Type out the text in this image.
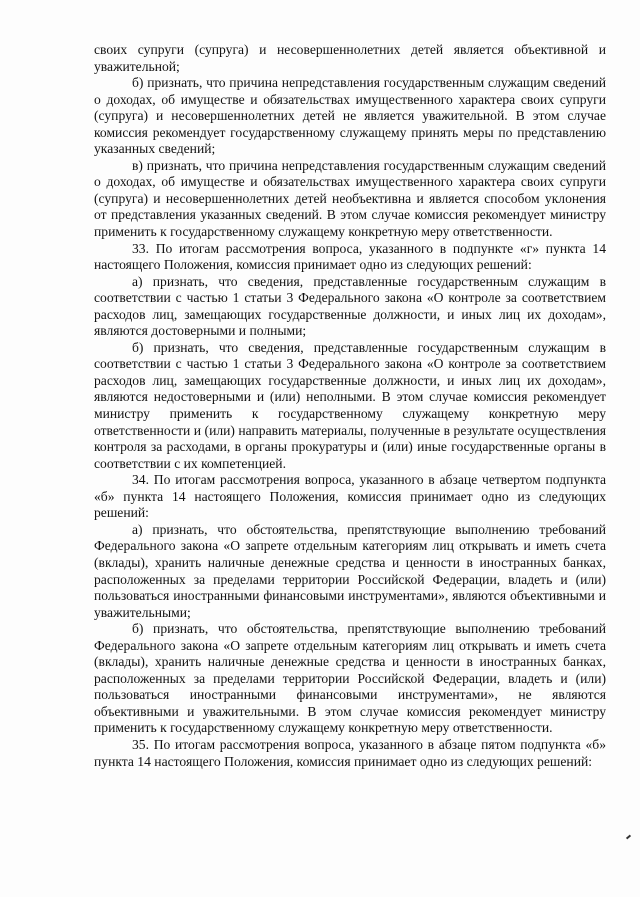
своих супруги (супруга) и несовершеннолетних детей является объективной и уважительной;

б) признать, что причина непредставления государственным служащим сведений о доходах, об имуществе и обязательствах имущественного характера своих супруги (супруга) и несовершеннолетних детей не является уважительной. В этом случае комиссия рекомендует государственному служащему принять меры по представлению указанных сведений;

в) признать, что причина непредставления государственным служащим сведений о доходах, об имуществе и обязательствах имущественного характера своих супруги (супруга) и несовершеннолетних детей необъективна и является способом уклонения от представления указанных сведений. В этом случае комиссия рекомендует министру применить к государственному служащему конкретную меру ответственности.

33. По итогам рассмотрения вопроса, указанного в подпункте «г» пункта 14 настоящего Положения, комиссия принимает одно из следующих решений:

а) признать, что сведения, представленные государственным служащим в соответствии с частью 1 статьи 3 Федерального закона «О контроле за соответствием расходов лиц, замещающих государственные должности, и иных лиц их доходам», являются достоверными и полными;

б) признать, что сведения, представленные государственным служащим в соответствии с частью 1 статьи 3 Федерального закона «О контроле за соответствием расходов лиц, замещающих государственные должности, и иных лиц их доходам», являются недостоверными и (или) неполными. В этом случае комиссия рекомендует министру применить к государственному служащему конкретную меру ответственности и (или) направить материалы, полученные в результате осуществления контроля за расходами, в органы прокуратуры и (или) иные государственные органы в соответствии с их компетенцией.

34. По итогам рассмотрения вопроса, указанного в абзаце четвертом подпункта «б» пункта 14 настоящего Положения, комиссия принимает одно из следующих решений:

а) признать, что обстоятельства, препятствующие выполнению требований Федерального закона «О запрете отдельным категориям лиц открывать и иметь счета (вклады), хранить наличные денежные средства и ценности в иностранных банках, расположенных за пределами территории Российской Федерации, владеть и (или) пользоваться иностранными финансовыми инструментами», являются объективными и уважительными;

б) признать, что обстоятельства, препятствующие выполнению требований Федерального закона «О запрете отдельным категориям лиц открывать и иметь счета (вклады), хранить наличные денежные средства и ценности в иностранных банках, расположенных за пределами территории Российской Федерации, владеть и (или) пользоваться иностранными финансовыми инструментами», не являются объективными и уважительными. В этом случае комиссия рекомендует министру применить к государственному служащему конкретную меру ответственности.

35. По итогам рассмотрения вопроса, указанного в абзаце пятом подпункта «б» пункта 14 настоящего Положения, комиссия принимает одно из следующих решений:
